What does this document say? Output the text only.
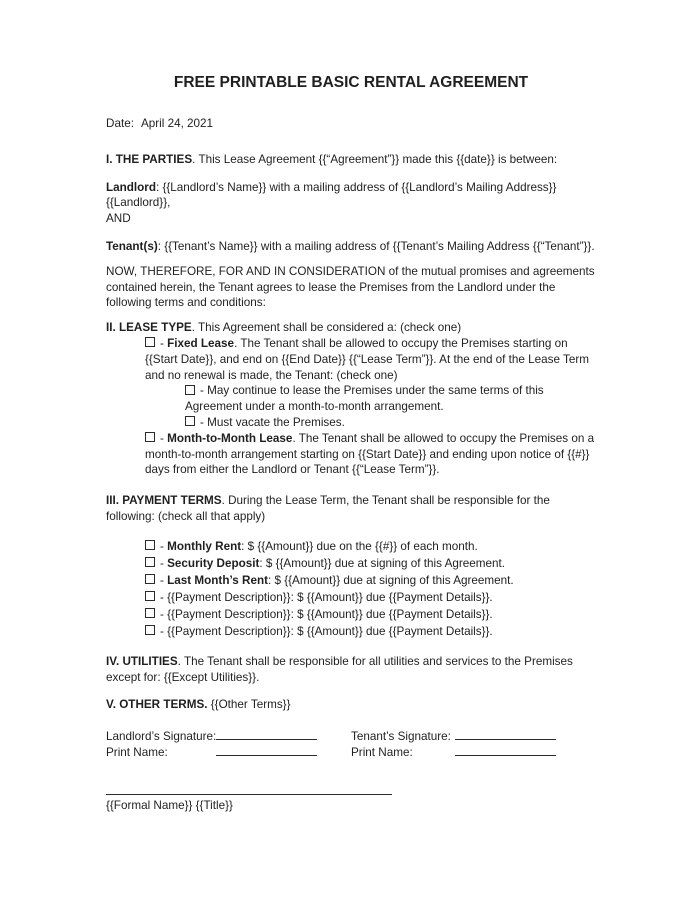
FREE PRINTABLE BASIC RENTAL AGREEMENT

Date: April 24, 2021

I. THE PARTIES. This Lease Agreement {{“Agreement”}} made this {{date}} is between:

Landlord: {{Landlord’s Name}} with a mailing address of {{Landlord’s Mailing Address}} {{Landlord}},
AND

Tenant(s): {{Tenant’s Name}} with a mailing address of {{Tenant’s Mailing Address {{“Tenant”}}.

NOW, THEREFORE, FOR AND IN CONSIDERATION of the mutual promises and agreements contained herein, the Tenant agrees to lease the Premises from the Landlord under the following terms and conditions:

II. LEASE TYPE. This Agreement shall be considered a: (check one)

- Fixed Lease. The Tenant shall be allowed to occupy the Premises starting on {{Start Date}}, and end on {{End Date}} {{“Lease Term”}}. At the end of the Lease Term and no renewal is made, the Tenant: (check one)
- May continue to lease the Premises under the same terms of this Agreement under a month-to-month arrangement.
- Must vacate the Premises.
- Month-to-Month Lease. The Tenant shall be allowed to occupy the Premises on a month-to-month arrangement starting on {{Start Date}} and ending upon notice of {{#}} days from either the Landlord or Tenant {{“Lease Term”}}.

III. PAYMENT TERMS. During the Lease Term, the Tenant shall be responsible for the following: (check all that apply)

- Monthly Rent: $ {{Amount}} due on the {{#}} of each month.
- Security Deposit: $ {{Amount}} due at signing of this Agreement.
- Last Month’s Rent: $ {{Amount}} due at signing of this Agreement.
- {{Payment Description}}: $ {{Amount}} due {{Payment Details}}.
- {{Payment Description}}: $ {{Amount}} due {{Payment Details}}.
- {{Payment Description}}: $ {{Amount}} due {{Payment Details}}.

IV. UTILITIES. The Tenant shall be responsible for all utilities and services to the Premises except for: {{Except Utilities}}.

V. OTHER TERMS. {{Other Terms}}

Landlord’s Signature:
Print Name:
Tenant’s Signature:
Print Name:
{{Formal Name}} {{Title}}
